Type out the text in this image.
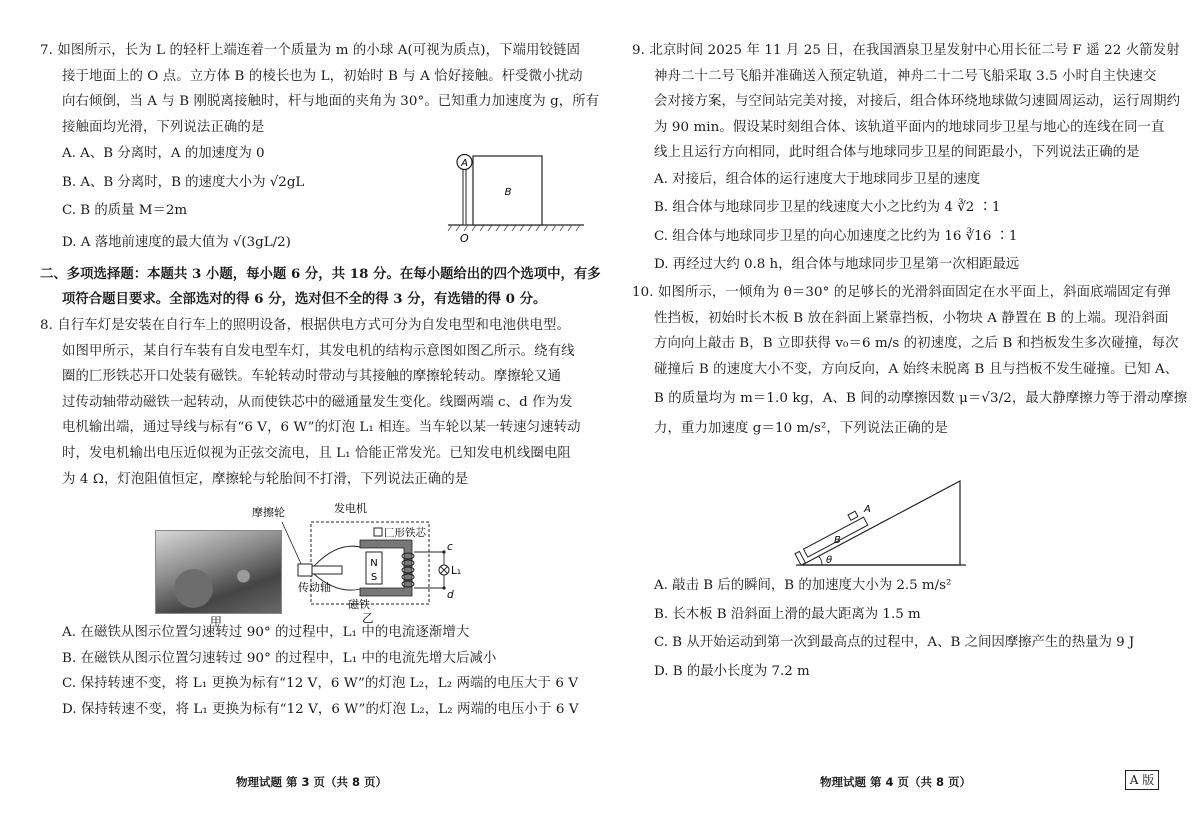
7. 如图所示，长为 L 的轻杆上端连着一个质量为 m 的小球 A(可视为质点)，下端用铰链固
接于地面上的 O 点。立方体 B 的棱长也为 L，初始时 B 与 A 恰好接触。杆受微小扰动
向右倾倒，当 A 与 B 刚脱离接触时，杆与地面的夹角为 30°。已知重力加速度为 g，所有
接触面均光滑，下列说法正确的是
A. A、B 分离时，A 的加速度为 0
B. A、B 分离时，B 的速度大小为 √2gL
C. B 的质量 M＝2m
D. A 落地前速度的最大值为 √(3gL/2)
二、多项选择题：本题共 3 小题，每小题 6 分，共 18 分。在每小题给出的四个选项中，有多
项符合题目要求。全部选对的得 6 分，选对但不全的得 3 分，有选错的得 0 分。
8. 自行车灯是安装在自行车上的照明设备，根据供电方式可分为自发电型和电池供电型。
如图甲所示，某自行车装有自发电型车灯，其发电机的结构示意图如图乙所示。绕有线
圈的匚形铁芯开口处装有磁铁。车轮转动时带动与其接触的摩擦轮转动。摩擦轮又通
过传动轴带动磁铁一起转动，从而使铁芯中的磁通量发生变化。线圈两端 c、d 作为发
电机输出端，通过导线与标有“6 V，6 W”的灯泡 L₁ 相连。当车轮以某一转速匀速转动
时，发电机输出电压近似视为正弦交流电，且 L₁ 恰能正常发光。已知发电机线圈电阻
为 4 Ω，灯泡阻值恒定，摩擦轮与轮胎间不打滑，下列说法正确的是
A
B
O
甲
摩擦轮	发电机
N
S
匚形铁芯
c
d
L₁
传动轴
磁铁
乙
A. 在磁铁从图示位置匀速转过 90° 的过程中，L₁ 中的电流逐渐增大
B. 在磁铁从图示位置匀速转过 90° 的过程中，L₁ 中的电流先增大后减小
C. 保持转速不变，将 L₁ 更换为标有“12 V，6 W”的灯泡 L₂，L₂ 两端的电压大于 6 V
D. 保持转速不变，将 L₁ 更换为标有“12 V，6 W”的灯泡 L₂，L₂ 两端的电压小于 6 V
物理试题 第 3 页（共 8 页）
9. 北京时间 2025 年 11 月 25 日，在我国酒泉卫星发射中心用长征二号 F 遥 22 火箭发射
神舟二十二号飞船并准确送入预定轨道，神舟二十二号飞船采取 3.5 小时自主快速交
会对接方案，与空间站完美对接，对接后，组合体环绕地球做匀速圆周运动，运行周期约
为 90 min。假设某时刻组合体、该轨道平面内的地球同步卫星与地心的连线在同一直
线上且运行方向相同，此时组合体与地球同步卫星的间距最小，下列说法正确的是
A. 对接后，组合体的运行速度大于地球同步卫星的速度
B. 组合体与地球同步卫星的线速度大小之比约为 4 ∛2 ∶1
C. 组合体与地球同步卫星的向心加速度之比约为 16 ∛16 ∶1
D. 再经过大约 0.8 h，组合体与地球同步卫星第一次相距最远
10. 如图所示，一倾角为 θ＝30° 的足够长的光滑斜面固定在水平面上，斜面底端固定有弹
性挡板，初始时长木板 B 放在斜面上紧靠挡板，小物块 A 静置在 B 的上端。现沿斜面
方向向上敲击 B，B 立即获得 v₀＝6 m/s 的初速度，之后 B 和挡板发生多次碰撞，每次
碰撞后 B 的速度大小不变，方向反向，A 始终未脱离 B 且与挡板不发生碰撞。已知 A、
B 的质量均为 m＝1.0 kg，A、B 间的动摩擦因数 μ＝√3/2，最大静摩擦力等于滑动摩擦
力，重力加速度 g＝10 m/s²，下列说法正确的是
A
B
θ
A. 敲击 B 后的瞬间，B 的加速度大小为 2.5 m/s²
B. 长木板 B 沿斜面上滑的最大距离为 1.5 m
C. B 从开始运动到第一次到最高点的过程中，A、B 之间因摩擦产生的热量为 9 J
D. B 的最小长度为 7.2 m
物理试题 第 4 页（共 8 页）	A 版
